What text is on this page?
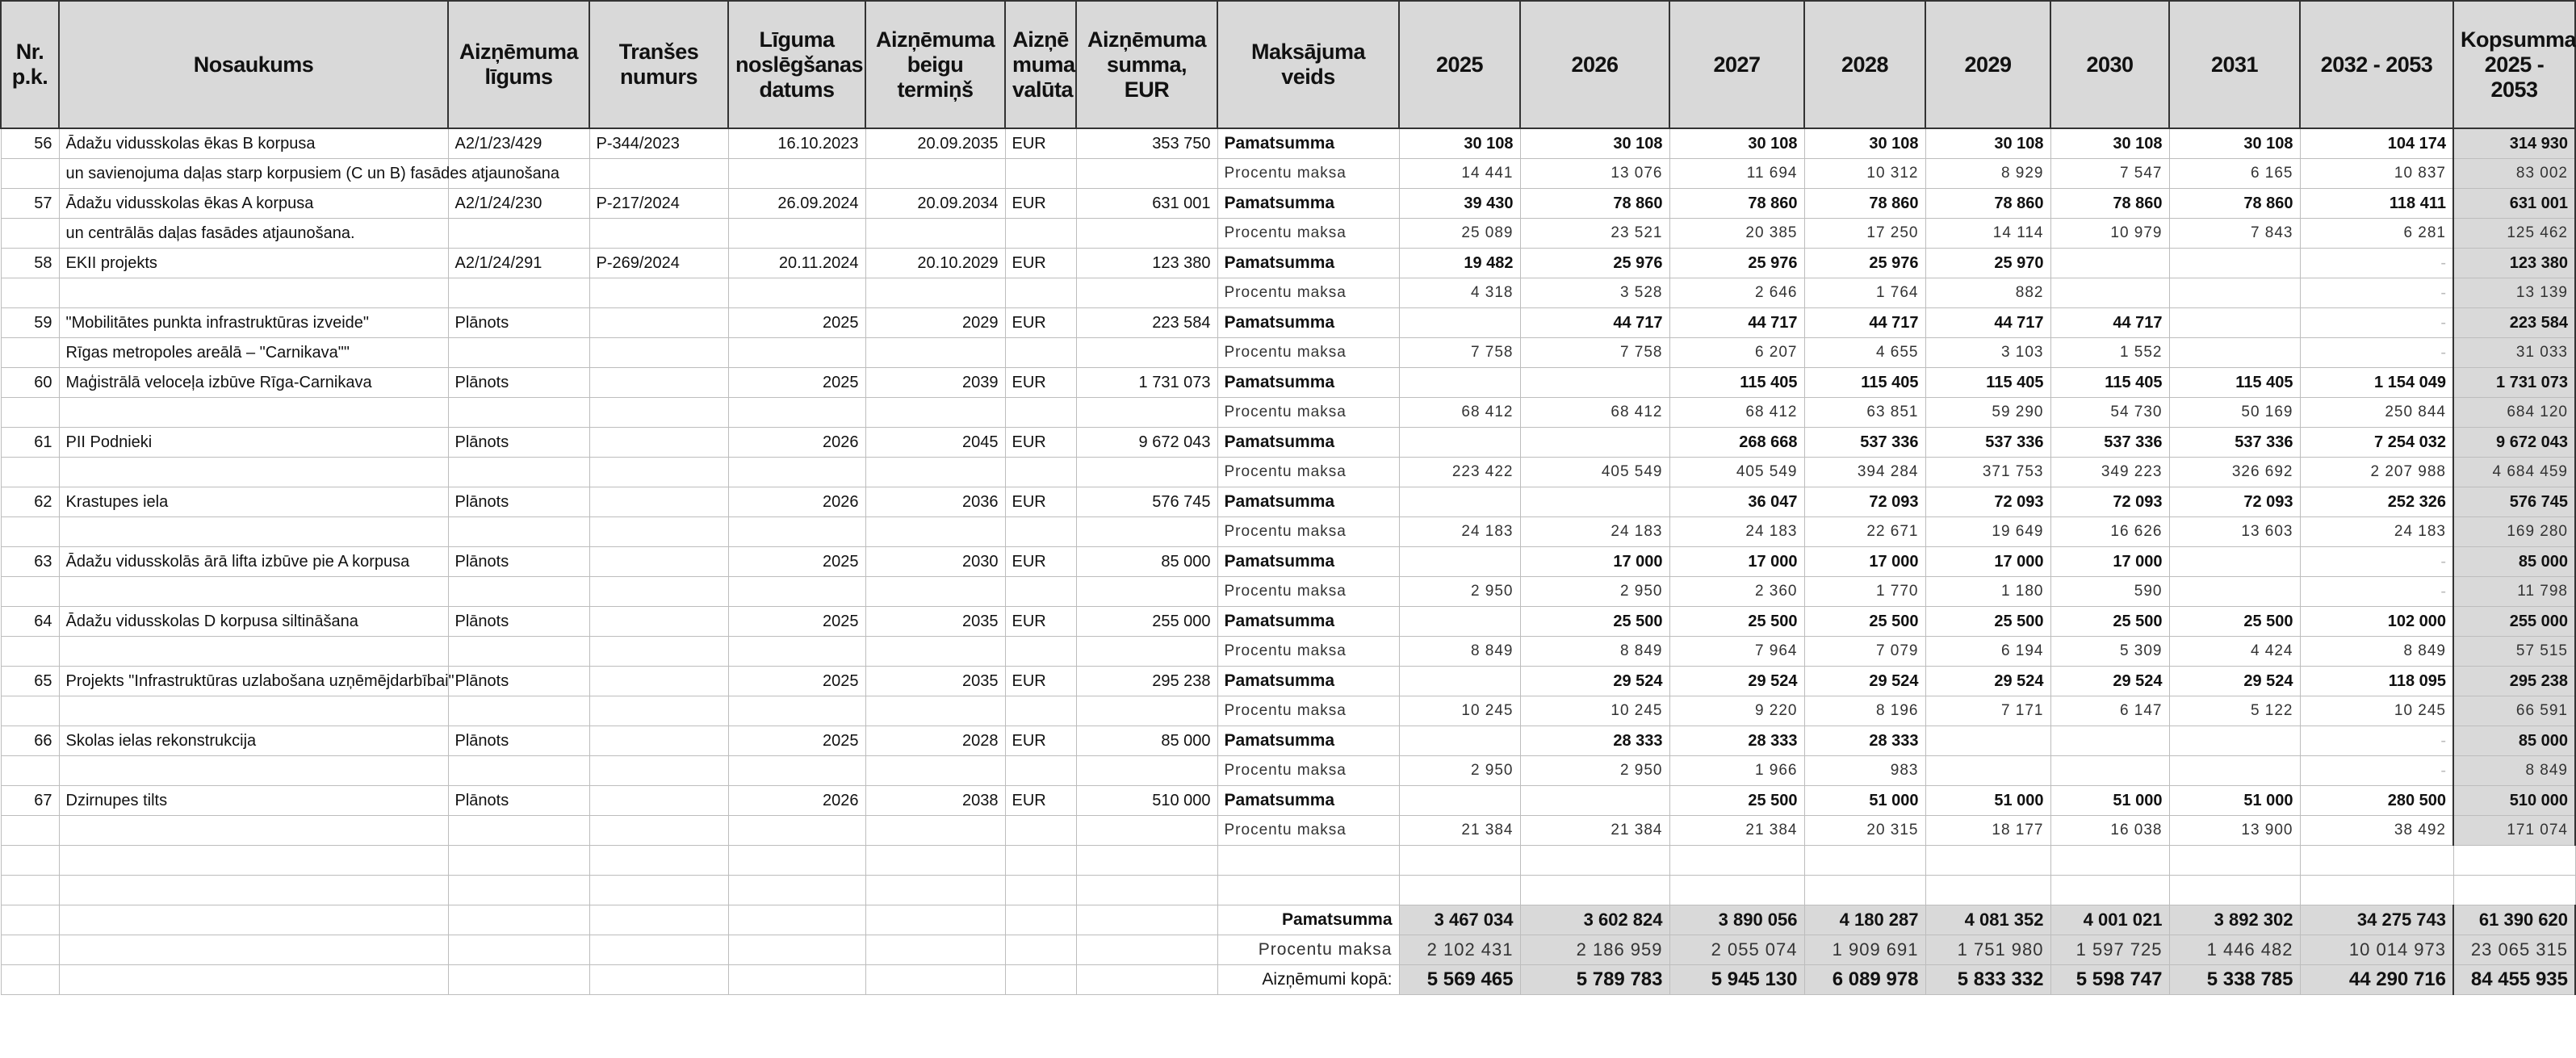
Nr. p.k.	Nosaukums	Aizņēmuma līgums	Tranšes numurs	Līguma noslēgšanas datums	Aizņēmuma beigu termiņš	Aizņē muma valūta	Aizņēmuma summa, EUR	Maksājuma veids	2025	2026	2027	2028	2029	2030	2031	2032 - 2053	Kopsumma 2025 - 2053
56	Ādažu vidusskolas ēkas B korpusa	A2/1/23/429	P-344/2023	16.10.2023	20.09.2035	EUR	353 750	Pamatsumma	30 108	30 108	30 108	30 108	30 108	30 108	30 108	104 174	314 930
	un savienojuma daļas starp korpusiem (C un B) fasādes atjaunošana							Procentu maksa	14 441	13 076	11 694	10 312	8 929	7 547	6 165	10 837	83 002
57	Ādažu vidusskolas ēkas A korpusa	A2/1/24/230	P-217/2024	26.09.2024	20.09.2034	EUR	631 001	Pamatsumma	39 430	78 860	78 860	78 860	78 860	78 860	78 860	118 411	631 001
	un centrālās daļas fasādes atjaunošana.							Procentu maksa	25 089	23 521	20 385	17 250	14 114	10 979	7 843	6 281	125 462
58	EKII projekts	A2/1/24/291	P-269/2024	20.11.2024	20.10.2029	EUR	123 380	Pamatsumma	19 482	25 976	25 976	25 976	25 970			-	123 380
								Procentu maksa	4 318	3 528	2 646	1 764	882			-	13 139
59	"Mobilitātes punkta infrastruktūras izveide"	Plānots		2025	2029	EUR	223 584	Pamatsumma		44 717	44 717	44 717	44 717	44 717		-	223 584
	Rīgas metropoles areālā – "Carnikava""							Procentu maksa	7 758	7 758	6 207	4 655	3 103	1 552		-	31 033
60	Maģistrālā veloceļa izbūve Rīga-Carnikava	Plānots		2025	2039	EUR	1 731 073	Pamatsumma			115 405	115 405	115 405	115 405	115 405	1 154 049	1 731 073
								Procentu maksa	68 412	68 412	68 412	63 851	59 290	54 730	50 169	250 844	684 120
61	PII Podnieki	Plānots		2026	2045	EUR	9 672 043	Pamatsumma			268 668	537 336	537 336	537 336	537 336	7 254 032	9 672 043
								Procentu maksa	223 422	405 549	405 549	394 284	371 753	349 223	326 692	2 207 988	4 684 459
62	Krastupes iela	Plānots		2026	2036	EUR	576 745	Pamatsumma			36 047	72 093	72 093	72 093	72 093	252 326	576 745
								Procentu maksa	24 183	24 183	24 183	22 671	19 649	16 626	13 603	24 183	169 280
63	Ādažu vidusskolās ārā lifta izbūve pie A korpusa	Plānots		2025	2030	EUR	85 000	Pamatsumma		17 000	17 000	17 000	17 000	17 000		-	85 000
								Procentu maksa	2 950	2 950	2 360	1 770	1 180	590		-	11 798
64	Ādažu vidusskolas D korpusa siltināšana	Plānots		2025	2035	EUR	255 000	Pamatsumma		25 500	25 500	25 500	25 500	25 500	25 500	102 000	255 000
								Procentu maksa	8 849	8 849	7 964	7 079	6 194	5 309	4 424	8 849	57 515
65	Projekts "Infrastruktūras uzlabošana uzņēmējdarbībai"	Plānots		2025	2035	EUR	295 238	Pamatsumma		29 524	29 524	29 524	29 524	29 524	29 524	118 095	295 238
								Procentu maksa	10 245	10 245	9 220	8 196	7 171	6 147	5 122	10 245	66 591
66	Skolas ielas rekonstrukcija	Plānots		2025	2028	EUR	85 000	Pamatsumma		28 333	28 333	28 333				-	85 000
								Procentu maksa	2 950	2 950	1 966	983				-	8 849
67	Dzirnupes tilts	Plānots		2026	2038	EUR	510 000	Pamatsumma			25 500	51 000	51 000	51 000	51 000	280 500	510 000
								Procentu maksa	21 384	21 384	21 384	20 315	18 177	16 038	13 900	38 492	171 074

								Pamatsumma	3 467 034	3 602 824	3 890 056	4 180 287	4 081 352	4 001 021	3 892 302	34 275 743	61 390 620
								Procentu maksa	2 102 431	2 186 959	2 055 074	1 909 691	1 751 980	1 597 725	1 446 482	10 014 973	23 065 315
								Aizņēmumi kopā:	5 569 465	5 789 783	5 945 130	6 089 978	5 833 332	5 598 747	5 338 785	44 290 716	84 455 935
